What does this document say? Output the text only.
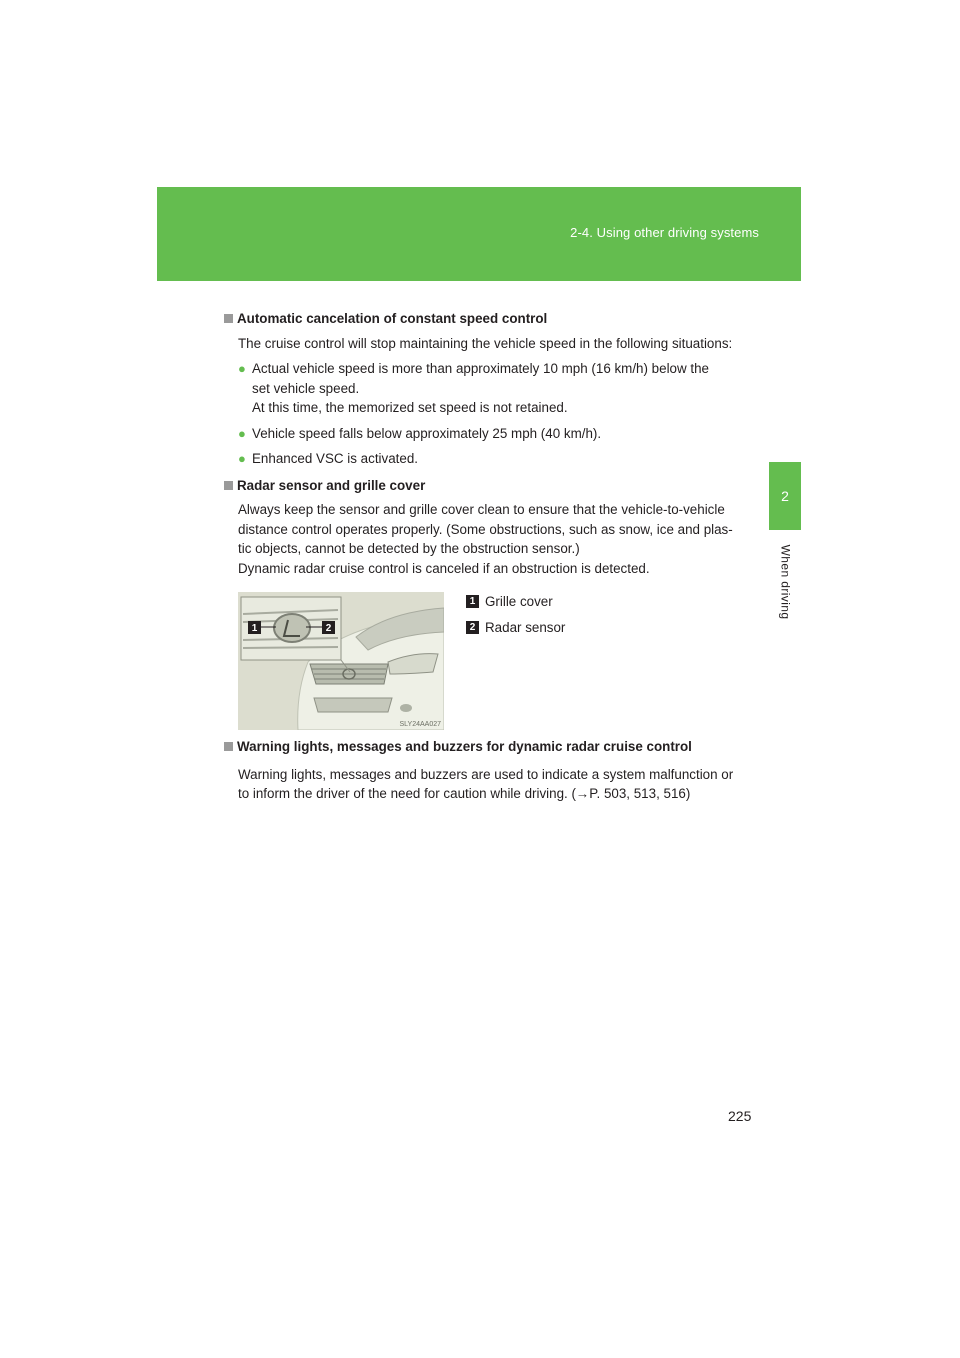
2-4. Using other driving systems
2
When driving
Automatic cancelation of constant speed control
The cruise control will stop maintaining the vehicle speed in the following situations:
● Actual vehicle speed is more than approximately 10 mph (16 km/h) below the
set vehicle speed.
At this time, the memorized set speed is not retained.
● Vehicle speed falls below approximately 25 mph (40 km/h).
● Enhanced VSC is activated.
Radar sensor and grille cover
Always keep the sensor and grille cover clean to ensure that the vehicle-to-vehicle
distance control operates properly. (Some obstructions, such as snow, ice and plas-
tic objects, cannot be detected by the obstruction sensor.)
Dynamic radar cruise control is canceled if an obstruction is detected.
1	2
SLY24AA027
1 Grille cover
2 Radar sensor
Warning lights, messages and buzzers for dynamic radar cruise control
Warning lights, messages and buzzers are used to indicate a system malfunction or
to inform the driver of the need for caution while driving. (→P. 503, 513, 516)
225
